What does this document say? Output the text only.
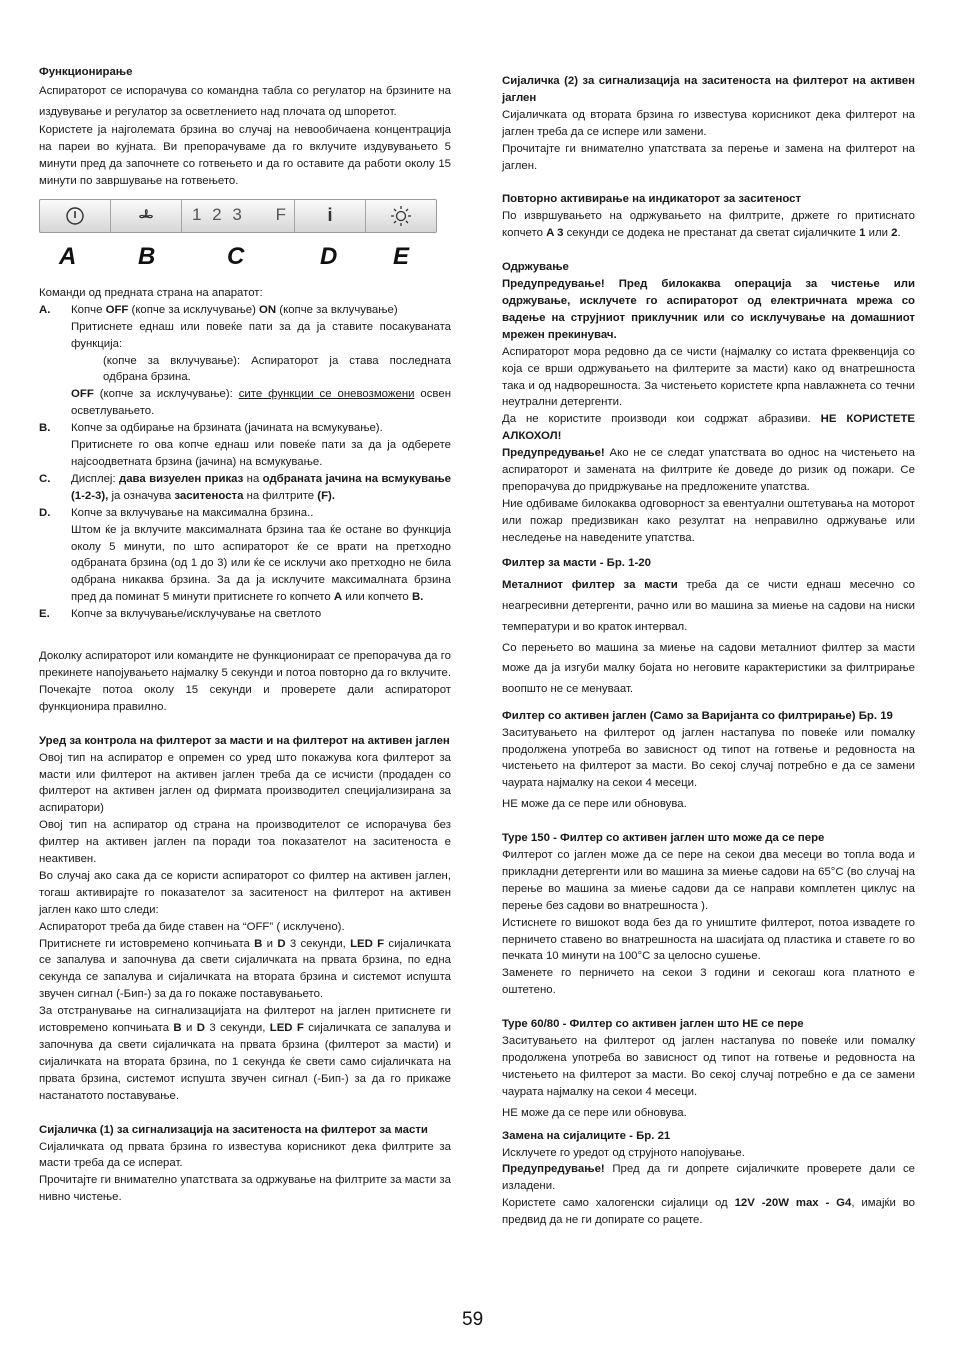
Функционирање

Аспираторот се испорачува со командна табла со регулатор на брзините на издувување и регулатор за осветлението над плочата од шпоретот.

Користете ја најголемата брзина во случај на невообичаена концентрација на пареи во кујната. Ви препорачуваме да го вклучите издувувањето 5 минути пред да започнете со готвењето и да го оставите да работи околу 15 минути по завршување на готвењето.

1 2 3 F i
A	B	C	D E

Команди од предната страна на апаратот:

A.	Копче OFF (копче за исклучување) ON (копче за вклучување)

Притиснете еднаш или повеќе пати за да ја ставите посакуваната функција:

(копче за вклучување): Аспираторот ја става последната одбрана брзина.

OFF (копче за исклучување): сите функции се оневозможени освен осветлувањето.

B.	Копче за одбирање на брзината (јачината на всмукување).

Притиснете го ова копче еднаш или повеќе пати за да ја одберете најсоодветната брзина (јачина) на всмукување.

C.	Дисплеј: дава визуелен приказ на одбраната јачина на всмукување (1-2-3), ја означува заситеноста на филтрите (F).
D.	Копче за вклучување на максимална брзина..

Штом ќе ја вклучите максималната брзина таа ќе остане во функција околу 5 минути, по што аспираторот ќе се врати на претходно одбраната брзина (од 1 до 3) или ќе се исклучи ако претходно не била одбрана никаква брзина. За да ја исклучите максималната брзина пред да поминат 5 минути притиснете го копчето A или копчето B.

E.	Копче за вклучување/исклучување на светлото

Доколку аспираторот или командите не функционираат се препорачува да го прекинете напојувањето најмалку 5 секунди и потоа повторно да го вклучите. Почекајте потоа околу 15 секунди и проверете дали аспираторот функционира правилно.

Уред за контрола на филтерот за масти и на филтерот на активен јаглен

Овој тип на аспиратор е опремен со уред што покажува кога филтерот за масти или филтерот на активен јаглен треба да се исчисти (продаден со филтерот на активен јаглен од фирмата производител специјализирана за аспиратори)

Овој тип на аспиратор од страна на производителот се испорачува без филтер на активен јаглен па поради тоа показателот на заситеноста е неактивен.

Во случај ако сака да се користи аспираторот со филтер на активен јаглен, тогаш активирајте го показателот за заситеност на филтерот на активен јаглен како што следи:

Аспираторот треба да биде ставен на “OFF” ( исклучено).

Притиснете ги истовремено копчињата B и D 3 секунди, LED F сијаличката се запалува и започнува да свети сијаличката на првата брзина, по една секунда се запалува и сијаличката на втората брзина и системот испушта звучен сигнал (-Бип-) за да го покаже поставувањето.

За отстранување на сигнализацијата на филтерот на јаглен притиснете ги истовремено копчињата B и D 3 секунди, LED F сијаличката се запалува и започнува да свети сијаличката на првата брзина (филтерот за масти) и сијаличката на втората брзина, по 1 секунда ќе свети само сијаличката на првата брзина, системот испушта звучен сигнал (-Бип-) за да го прикаже настанатото поставување.

Сијаличка (1) за сигнализација на заситеноста на филтерот за масти

Сијаличката од првата брзина го известува корисникот дека филтрите за масти треба да се исперат.

Прочитајте ги внимателно упатствата за одржување на филтрите за масти за нивно чистење.

Сијаличка (2) за сигнализација на заситеноста на филтерот на активен јаглен

Сијаличката од втората брзина го известува корисникот дека филтерот на јаглен треба да се испере или замени.

Прочитајте ги внимателно упатствата за перење и замена на филтерот на јаглен.

Повторно активирање на индикаторот за заситеност

По извршувањето на одржувањето на филтрите, држете го притиснато копчето A 3 секунди се додека не престанат да светат сијаличките 1 или 2.

Одржување

Предупредување! Пред билокаква операција за чистење или одржување, исклучете го аспираторот од електричната мрежа со вадење на струјниот приклучник или со исклучување на домашниот мрежен прекинувач.

Аспираторот мора редовно да се чисти (најмалку со истата фреквенција со која се врши одржувањето на филтерите за масти) како од внатрешноста така и од надворешноста. За чистењето користете крпа навлажнета со течни неутрални детергенти.

Да не користите производи кои содржат абразиви. НЕ КОРИСТЕТЕ АЛКОХОЛ!

Предупредување! Ако не се следат упатствата во однос на чистењето на аспираторот и замената на филтрите ќе доведе до ризик од пожари. Се препорачува до придржување на предложените упатства.

Ние одбиваме билокаква одговорност за евентуални оштетувања на моторот или пожар предизвикан како резултат на неправилно одржување или неследење на наведените упатства.

Филтер за масти - Бр. 1-20

Металниот филтер за масти треба да се чисти еднаш месечно со неагресивни детергенти, рачно или во машина за миење на садови на ниски температури и во краток интервал.

Со перењето во машина за миење на садови металниот филтер за масти може да ја изгуби малку бојата но неговите карактеристики за филтрирање воопшто не се менуваат.

Филтер со активен јаглен (Само за Варијанта со филтрирање) Бр. 19

Заситувањето на филтерот од јаглен настапува по повеќе или помалку продолжена употреба во зависност од типот на готвење и редовноста на чистењето на филтерот за масти. Во секој случај потребно е да се замени чаурата најмалку на секои 4 месеци.

НЕ може да се пере или обновува.

Type 150 - Филтер со активен јаглен што може да се пере

Филтерот со јаглен може да се пере на секои два месеци во топла вода и прикладни детергенти или во машина за миење садови на 65°C (во случај на перење во машина за миење садови да се направи комплетен циклус на перење без садови во внатрешноста ).

Истиснете го вишокот вода без да го уништите филтерот, потоа извадете го перничето ставено во внатрешноста на шасијата од пластика и ставете го во печката 10 минути на 100°C за целосно сушење.

Заменете го перничето на секои 3 години и секогаш кога платното е оштетено.

Type 60/80 - Филтер со активен јаглен што НЕ се пере

Заситувањето на филтерот од јаглен настапува по повеќе или помалку продолжена употреба во зависност од типот на готвење и редовноста на чистењето на филтерот за масти. Во секој случај потребно е да се замени чаурата најмалку на секои 4 месеци.

НЕ може да се пере или обновува.

Замена на сијалиците - Бр. 21

Исклучете го уредот од струјното напојување.

Предупредување! Пред да ги допрете сијаличките проверете дали се изладени.

Користете само халогенски сијалици од 12V -20W max - G4, имајќи во предвид да не ги допирате со рацете.

59
